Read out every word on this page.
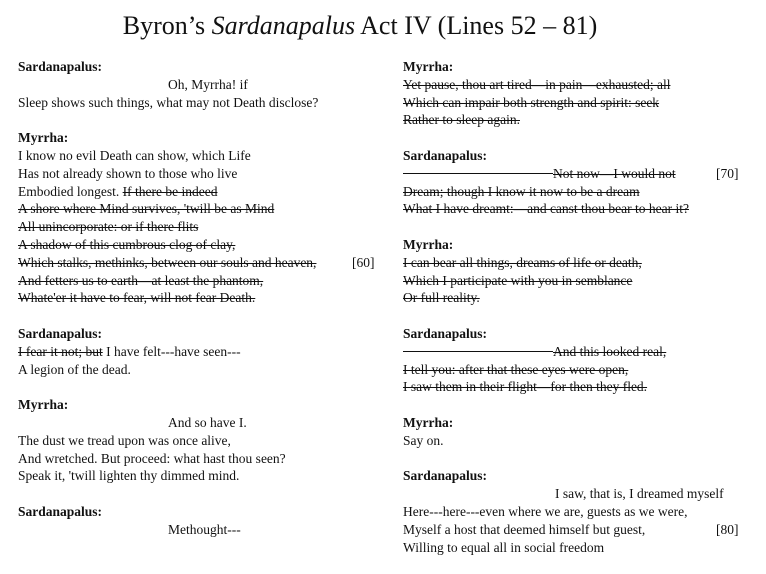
Byron’s Sardanapalus Act IV (Lines 52 – 81)
Sardanapalus:
Oh, Myrrha! if
Sleep shows such things, what may not Death disclose?
Myrrha:
I know no evil Death can show, which Life
Has not already shown to those who live
Embodied longest. If there be indeed
A shore where Mind survives, 'twill be as Mind
All unincorporate: or if there flits
A shadow of this cumbrous clog of clay,
Which stalks, methinks, between our souls and heaven,	[60]
And fetters us to earth—at least the phantom,
Whate'er it have to fear, will not fear Death.
Sardanapalus:
I fear it not; but I have felt---have seen---
A legion of the dead.
Myrrha:
And so have I.
The dust we tread upon was once alive,
And wretched. But proceed: what hast thou seen?
Speak it, 'twill lighten thy dimmed mind.
Sardanapalus:
Methought---
Myrrha:
Yet pause, thou art tired—in pain—exhausted; all
Which can impair both strength and spirit: seek
Rather to sleep again.
Sardanapalus:
Not now—I would not	[70]
Dream; though I know it now to be a dream
What I have dreamt:—and canst thou bear to hear it?
Myrrha:
I can bear all things, dreams of life or death,
Which I participate with you in semblance
Or full reality.
Sardanapalus:
And this looked real,
I tell you: after that these eyes were open,
I saw them in their flight—for then they fled.
Myrrha:
Say on.
Sardanapalus:
I saw, that is, I dreamed myself
Here---here---even where we are, guests as we were,
Myself a host that deemed himself but guest,	[80]
Willing to equal all in social freedom
